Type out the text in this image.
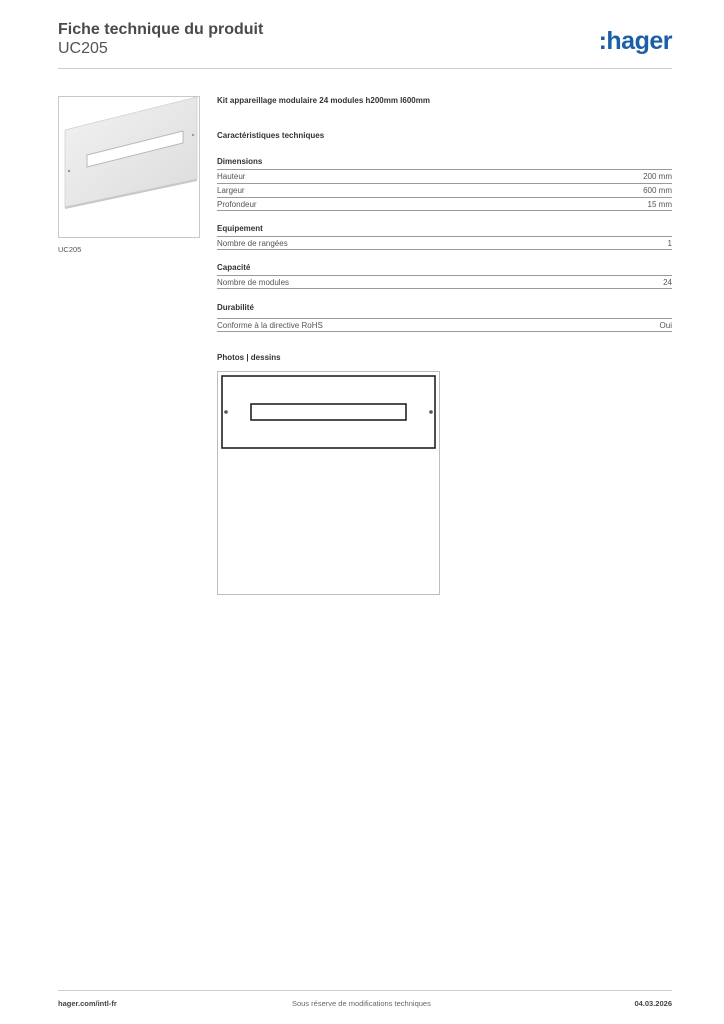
Fiche technique du produit
UC205	:hager
UC205
Kit appareillage modulaire 24 modules h200mm l600mm
Caractéristiques techniques
Dimensions
Hauteur	200 mm
Largeur	600 mm
Profondeur	15 mm
Equipement
Nombre de rangées	1
Capacité
Nombre de modules	24
Durabilité
Conforme à la directive RoHS	Oui
Photos | dessins
hager.com/intl-fr	Sous réserve de modifications techniques	04.03.2026
